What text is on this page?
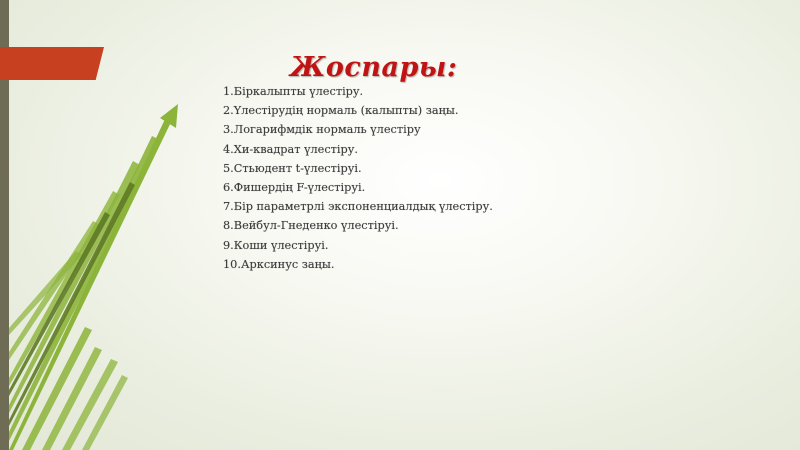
Жоспары:
1.Біркалыпты үлестіру.
2.Үлестірудің нормаль (калыпты) заңы.
3.Логарифмдік нормаль үлестіру
4.Хи-квадрат үлестіру.
5.Стьюдент t-үлестіруі.
6.Фишердің F-үлестіруі.
7.Бір параметрлі экспоненциалдық үлестіру.
8.Вейбул-Гнеденко үлестіруі.
9.Коши үлестіруі.
10.Арксинус заңы.
